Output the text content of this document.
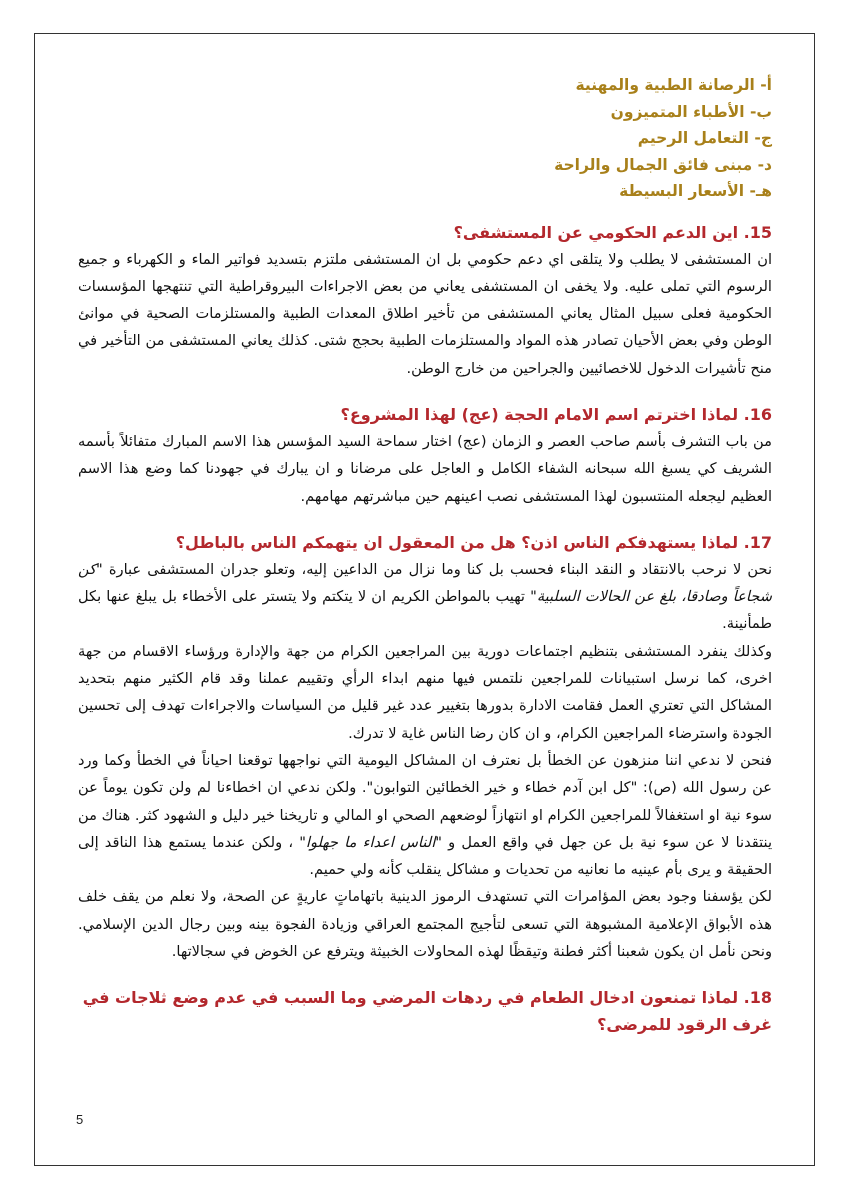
أ- الرصانة الطبية والمهنية
ب- الأطباء المتميزون
ج- التعامل الرحيم
د- مبنى فائق الجمال والراحة
هـ- الأسعار البسيطة

15. اين الدعم الحكومي عن المستشفى؟

ان المستشفى لا يطلب ولا يتلقى اي دعم حكومي بل ان المستشفى ملتزم بتسديد فواتير الماء و الكهرباء و جميع الرسوم التي تملى عليه. ولا يخفى ان المستشفى يعاني من بعض الاجراءات البيروقراطية التي تنتهجها المؤسسات الحكومية فعلى سبيل المثال يعاني المستشفى من تأخير اطلاق المعدات الطبية والمستلزمات الصحية في موانئ الوطن وفي بعض الأحيان تصادر هذه المواد والمستلزمات الطبية بحجج شتى. كذلك يعاني المستشفى من التأخير في منح تأشيرات الدخول للاخصائيين والجراحين من خارج الوطن.

16. لماذا اخترتم اسم الامام الحجة (عج) لهذا المشروع؟

من باب التشرف بأسم صاحب العصر و الزمان (عج) اختار سماحة السيد المؤسس هذا الاسم المبارك متفائلاً بأسمه الشريف كي يسبغ الله سبحانه الشفاء الكامل و العاجل على مرضانا و ان يبارك في جهودنا كما وضع هذا الاسم العظيم ليجعله المنتسبون لهذا المستشفى نصب اعينهم حين مباشرتهم مهامهم.

17. لماذا يستهدفكم الناس اذن؟ هل من المعقول ان يتهمكم الناس بالباطل؟

نحن لا نرحب بالانتقاد و النقد البناء فحسب بل كنا وما نزال من الداعين إليه، وتعلو جدران المستشفى عبارة "كن شجاعاً وصادقا، بلغ عن الحالات السلبية" تهيب بالمواطن الكريم ان لا يتكتم ولا يتستر على الأخطاء بل يبلغ عنها بكل طمأنينة.

وكذلك ينفرد المستشفى بتنظيم اجتماعات دورية بين المراجعين الكرام من جهة والإدارة ورؤساء الاقسام من جهة اخرى، كما نرسل استبيانات للمراجعين نلتمس فيها منهم ابداء الرأي وتقييم عملنا وقد قام الكثير منهم بتحديد المشاكل التي تعتري العمل فقامت الادارة بدورها بتغيير عدد غير قليل من السياسات والاجراءات تهدف إلى تحسين الجودة واسترضاء المراجعين الكرام، و ان كان رضا الناس غاية لا تدرك.

فنحن لا ندعي اننا منزهون عن الخطأ بل نعترف ان المشاكل اليومية التي نواجهها توقعنا احياناً في الخطأ وكما ورد عن رسول الله (ص): "كل ابن آدم خطاء و خير الخطائين التوابون". ولكن ندعي ان اخطاءنا لم ولن تكون يوماً عن سوء نية او استغفالاً للمراجعين الكرام او انتهازاً لوضعهم الصحي او المالي و تاريخنا خير دليل و الشهود كثر. هناك من ينتقدنا لا عن سوء نية بل عن جهل في واقع العمل و "الناس اعداء ما جهلوا" ، ولكن عندما يستمع هذا الناقد إلى الحقيقة و يرى بأم عينيه ما نعانيه من تحديات و مشاكل ينقلب كأنه ولي حميم.

لكن يؤسفنا وجود بعض المؤامرات التي تستهدف الرموز الدينية باتهاماتٍ عاريةٍ عن الصحة، ولا نعلم من يقف خلف هذه الأبواق الإعلامية المشبوهة التي تسعى لتأجيج المجتمع العراقي وزيادة الفجوة بينه وبين رجال الدين الإسلامي. ونحن نأمل ان يكون شعبنا أكثر فطنة وتيقظًا لهذه المحاولات الخبيثة ويترفع عن الخوض في سجالاتها.

18. لماذا تمنعون ادخال الطعام في ردهات المرضي وما السبب في عدم وضع ثلاجات في غرف الرقود للمرضى؟

5
